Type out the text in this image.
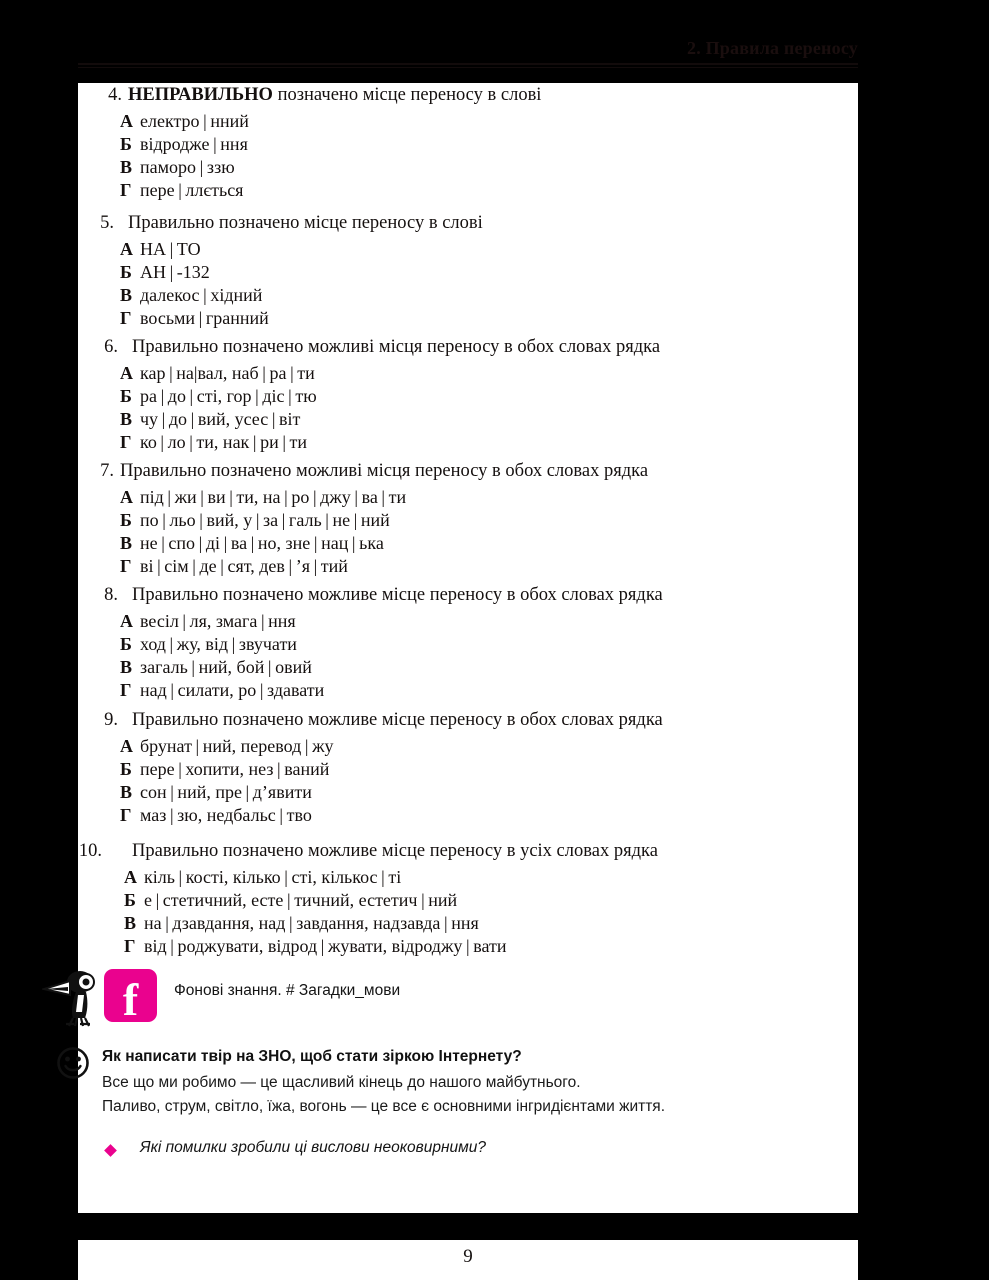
2. Правила переносу
4. НЕПРАВИЛЬНО позначено місце переносу в слові
А електро | нний
Б відродже | ння
В паморо | ззю
Г пере | ллється
5. Правильно позначено місце переносу в слові
А НА | ТО
Б АН | -132
В далекос | хідний
Г восьми | гранний
6. Правильно позначено можливі місця переносу в обох словах рядка
А кар | на|вал, наб | ра | ти
Б ра | до | сті, гор | діс | тю
В чу | до | вий, усес | віт
Г ко | ло | ти, нак | ри | ти
7. Правильно позначено можливі місця переносу в обох словах рядка
А під | жи | ви | ти, на | ро | джу | ва | ти
Б по | льо | вий, у | за | галь | не | ний
В не | спо | ді | ва | но, зне | нац | ька
Г ві | сім | де | сят, дев | ’я | тий
8. Правильно позначено можливе місце переносу в обох словах рядка
А весіл | ля, змага | ння
Б ход | жу, від | звучати
В загаль | ний, бой | овий
Г над | силати, ро | здавати
9. Правильно позначено можливе місце переносу в обох словах рядка
А брунат | ний, перевод | жу
Б пере | хопити, нез | ваний
В сон | ний, пре | д’явити
Г маз | зю, недбальс | тво
10. Правильно позначено можливе місце переносу в усіх словах рядка
А кіль | кості, кілько | сті, кількос | ті
Б е | стетичний, есте | тичний, естетич | ний
В на | дзавдання, над | завдання, надзавда | ння
Г від | роджувати, відрод | жувати, відроджу | вати
f	Фонові знання. # Загадки_мови
Як написати твір на ЗНО, щоб стати зіркою Інтернету?
Все що ми робимо — це щасливий кінець до нашого майбутнього.
Паливо, струм, світло, їжа, вогонь — це все є основними інгридієнтами життя.
Які помилки зробили ці вислови неоковирними?
9
